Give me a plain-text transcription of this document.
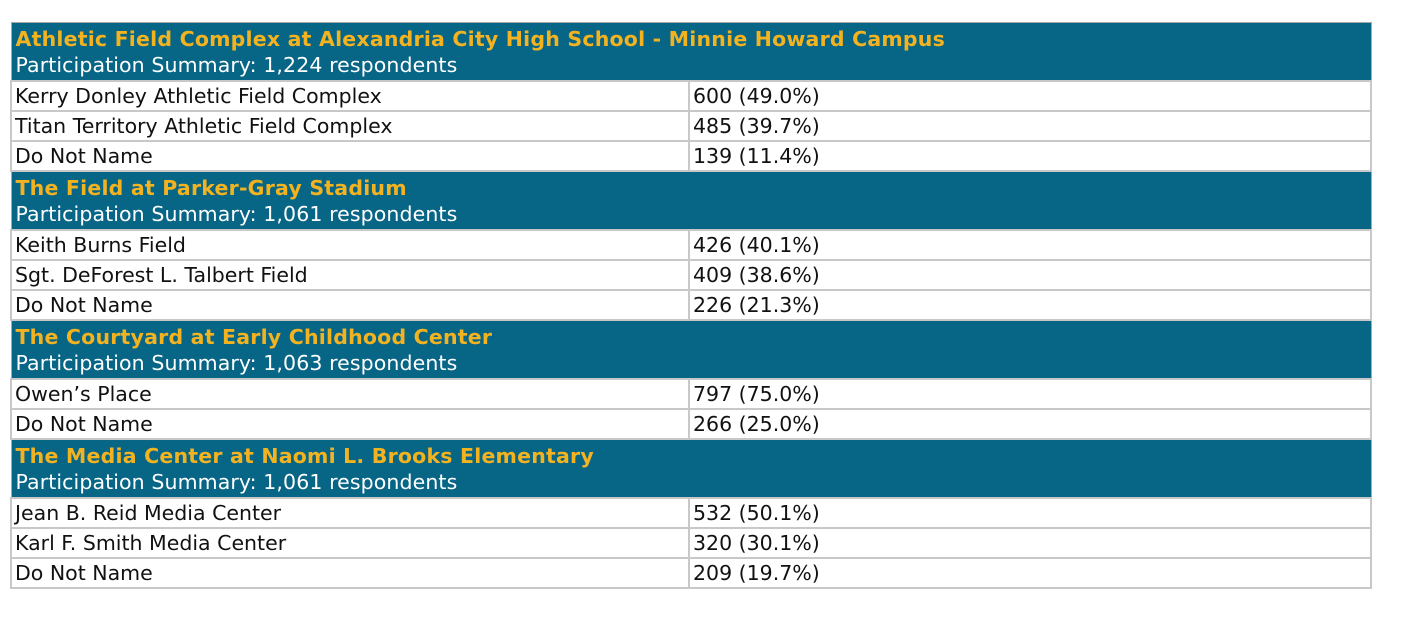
Athletic Field Complex at Alexandria City High School - Minnie Howard Campus
Participation Summary: 1,224 respondents	

Kerry Donley Athletic Field Complex	600 (49.0%)
Titan Territory Athletic Field Complex	485 (39.7%)
Do Not Name	139 (11.4%)

The Field at Parker-Gray Stadium
Participation Summary: 1,061 respondents	

Keith Burns Field	426 (40.1%)
Sgt. DeForest L. Talbert Field	409 (38.6%)
Do Not Name	226 (21.3%)

The Courtyard at Early Childhood Center
Participation Summary: 1,063 respondents	

Owen’s Place	797 (75.0%)
Do Not Name	266 (25.0%)

The Media Center at Naomi L. Brooks Elementary
Participation Summary: 1,061 respondents	

Jean B. Reid Media Center	532 (50.1%)
Karl F. Smith Media Center	320 (30.1%)
Do Not Name	209 (19.7%)
